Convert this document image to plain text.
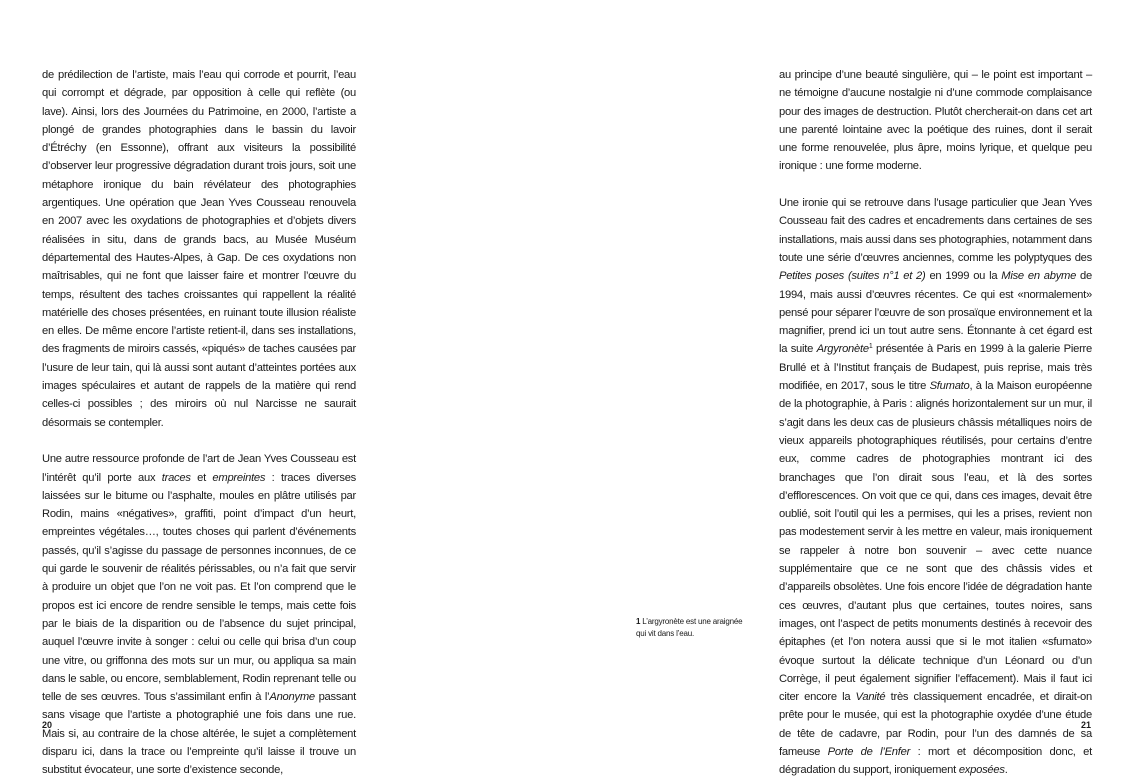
de prédilection de l’artiste, mais l’eau qui corrode et pourrit, l’eau qui corrompt et dégrade, par opposition à celle qui reflète (ou lave). Ainsi, lors des Journées du Patrimoine, en 2000, l’artiste a plongé de grandes photographies dans le bassin du lavoir d’Étréchy (en Essonne), offrant aux visiteurs la possibilité d’observer leur progressive dégradation durant trois jours, soit une métaphore ironique du bain révélateur des photographies argentiques. Une opération que Jean Yves Cousseau renouvela en 2007 avec les oxydations de photographies et d’objets divers réalisées in situ, dans de grands bacs, au Musée Muséum départemental des Hautes-Alpes, à Gap. De ces oxydations non maîtrisables, qui ne font que laisser faire et montrer l’œuvre du temps, résultent des taches croissantes qui rappellent la réalité matérielle des choses présentées, en ruinant toute illusion réaliste en elles. De même encore l’artiste retient-il, dans ses installations, des fragments de miroirs cassés, «piqués» de taches causées par l’usure de leur tain, qui là aussi sont autant d’atteintes portées aux images spéculaires et autant de rappels de la matière qui rend celles-ci possibles ; des miroirs où nul Narcisse ne saurait désormais se contempler.

Une autre ressource profonde de l’art de Jean Yves Cousseau est l’intérêt qu’il porte aux traces et empreintes : traces diverses laissées sur le bitume ou l’asphalte, moules en plâtre utilisés par Rodin, mains «négatives», graffiti, point d’impact d’un heurt, empreintes végétales…, toutes choses qui parlent d’événements passés, qu’il s’agisse du passage de personnes inconnues, de ce qui garde le souvenir de réalités périssables, ou n’a fait que servir à produire un objet que l’on ne voit pas. Et l’on comprend que le propos est ici encore de rendre sensible le temps, mais cette fois par le biais de la disparition ou de l’absence du sujet principal, auquel l’œuvre invite à songer : celui ou celle qui brisa d’un coup une vitre, ou griffonna des mots sur un mur, ou appliqua sa main dans le sable, ou encore, semblablement, Rodin reprenant telle ou telle de ses œuvres. Tous s’assimilant enfin à l’Anonyme passant sans visage que l’artiste a photographié une fois dans une rue. Mais si, au contraire de la chose altérée, le sujet a complètement disparu ici, dans la trace ou l’empreinte qu’il laisse il trouve un substitut évocateur, une sorte d’existence seconde,

au principe d’une beauté singulière, qui – le point est important – ne témoigne d’aucune nostalgie ni d’une commode complaisance pour des images de destruction. Plutôt chercherait-on dans cet art une parenté lointaine avec la poétique des ruines, dont il serait une forme renouvelée, plus âpre, moins lyrique, et quelque peu ironique : une forme moderne.

Une ironie qui se retrouve dans l’usage particulier que Jean Yves Cousseau fait des cadres et encadrements dans certaines de ses installations, mais aussi dans ses photographies, notamment dans toute une série d’œuvres anciennes, comme les polyptyques des Petites poses (suites n°1 et 2) en 1999 ou la Mise en abyme de 1994, mais aussi d’œuvres récentes. Ce qui est «normalement» pensé pour séparer l’œuvre de son prosaïque environnement et la magnifier, prend ici un tout autre sens. Étonnante à cet égard est la suite Argyronète$^1$ présentée à Paris en 1999 à la galerie Pierre Brullé et à l’Institut français de Budapest, puis reprise, mais très modifiée, en 2017, sous le titre Sfumato, à la Maison européenne de la photographie, à Paris : alignés horizontalement sur un mur, il s’agit dans les deux cas de plusieurs châssis métalliques noirs de vieux appareils photographiques réutilisés, pour certains d’entre eux, comme cadres de photographies montrant ici des branchages que l’on dirait sous l’eau, et là des sortes d’efflorescences. On voit que ce qui, dans ces images, devait être oublié, soit l’outil qui les a permises, qui les a prises, revient non pas modestement servir à les mettre en valeur, mais ironiquement se rappeler à notre bon souvenir – avec cette nuance supplémentaire que ce ne sont que des châssis vides et d’appareils obsolètes. Une fois encore l’idée de dégradation hante ces œuvres, d’autant plus que certaines, toutes noires, sans images, ont l’aspect de petits monuments destinés à recevoir des épitaphes (et l’on notera aussi que si le mot italien «sfumato» évoque surtout la délicate technique d’un Léonard ou d’un Corrège, il peut également signifier l’effacement). Mais il faut ici citer encore la Vanité très classiquement encadrée, et dirait-on prête pour le musée, qui est la photographie oxydée d’une étude de tête de cadavre, par Rodin, pour l’un des damnés de sa fameuse Porte de l’Enfer : mort et décomposition donc, et dégradation du support, ironiquement exposées.

1 L’argyronète est une araignée qui vit dans l’eau.
20	21
